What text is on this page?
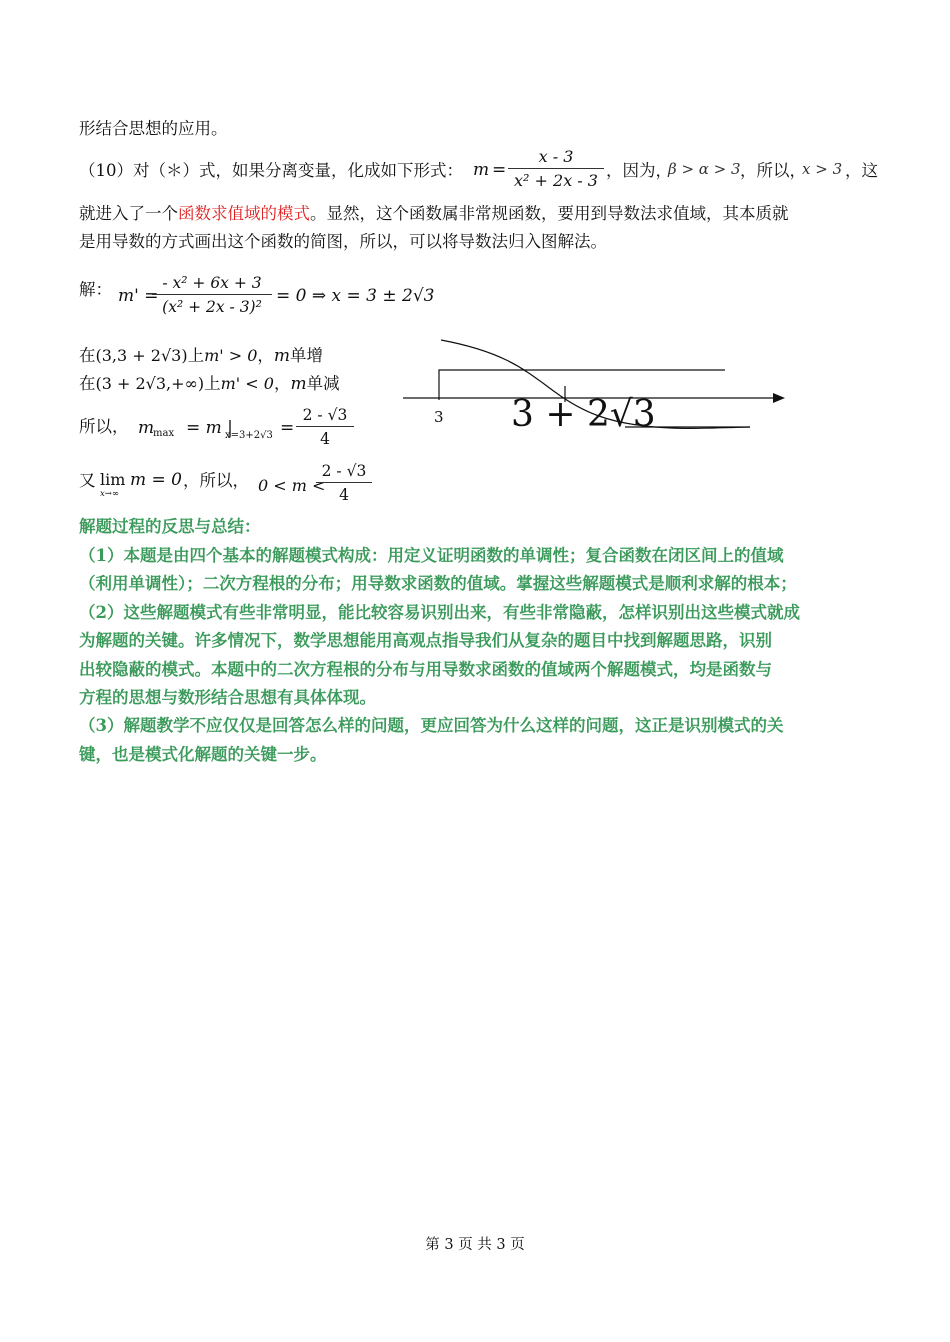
形结合思想的应用。
（10）对（＊）式，如果分离变量，化成如下形式： m =
x - 3
x² + 2x - 3
，因为，
β > α > 3 ，所以，
x > 3 ，这
就进入了一个函数求值域的模式。显然，这个函数属非常规函数，要用到导数法求值域，其本质就
是用导数的方式画出这个函数的简图，所以，可以将导数法归入图解法。
解： m' =
- x² + 6x + 3
(x² + 2x - 3)²
= 0 ⇒ x = 3 ± 2√3
在(3,3 + 2√3)上m' > 0，m单增
在(3 + 2√3,+∞)上m' < 0，m单减
所以， m
max = m |
x=3+2√3 =
2 - √3
4
又 lim
x→∞
m = 0 ，所以， 0 < m <
2 - √3
4
3 3 + 2√3
解题过程的反思与总结：
（1）本题是由四个基本的解题模式构成：用定义证明函数的单调性；复合函数在闭区间上的值域
（利用单调性）；二次方程根的分布；用导数求函数的值域。掌握这些解题模式是顺利求解的根本；
（2）这些解题模式有些非常明显，能比较容易识别出来，有些非常隐蔽，怎样识别出这些模式就成
为解题的关键。许多情况下，数学思想能用高观点指导我们从复杂的题目中找到解题思路，识别
出较隐蔽的模式。本题中的二次方程根的分布与用导数求函数的值域两个解题模式，均是函数与
方程的思想与数形结合思想有具体体现。
（3）解题教学不应仅仅是回答怎么样的问题，更应回答为什么这样的问题，这正是识别模式的关
键，也是模式化解题的关键一步。
第 3 页 共 3 页
